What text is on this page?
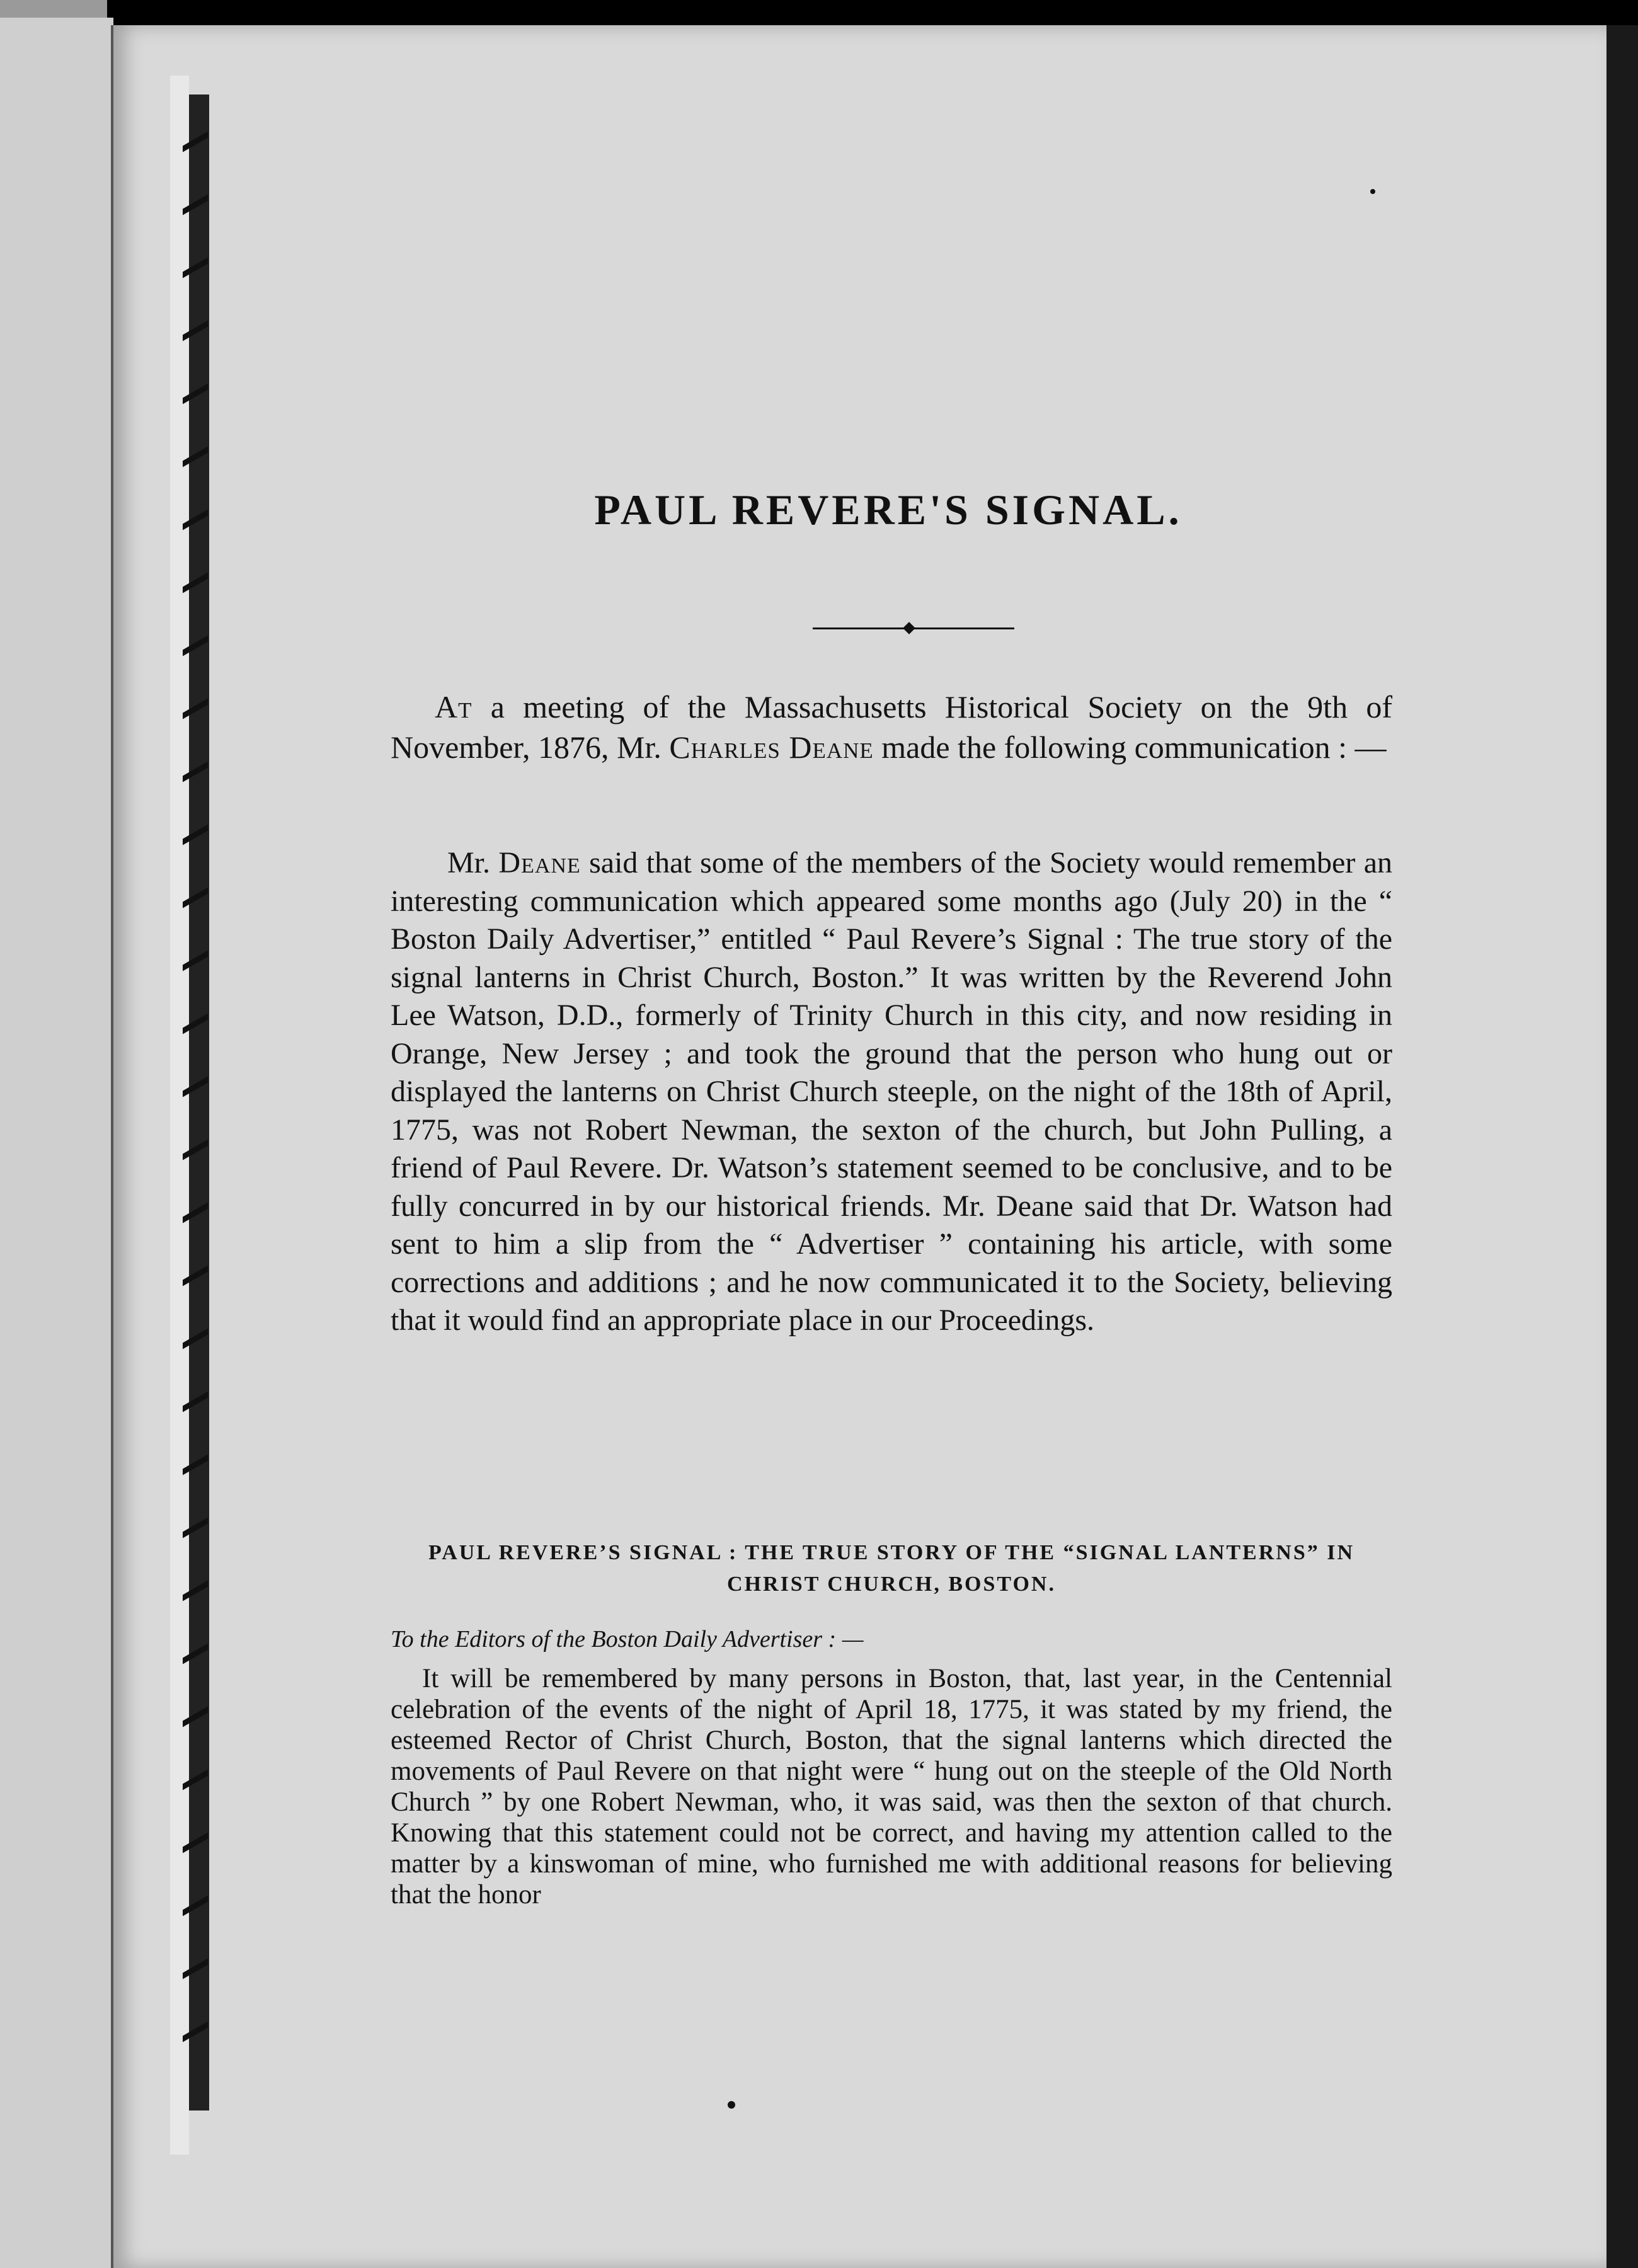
PAUL REVERE'S SIGNAL.

At a meeting of the Massachusetts Historical Society on the 9th of November, 1876, Mr. Charles Deane made the following communication : —

Mr. Deane said that some of the members of the Society would remember an interesting communication which appeared some months ago (July 20) in the “ Boston Daily Advertiser,” entitled “ Paul Revere’s Signal : The true story of the signal lanterns in Christ Church, Boston.” It was written by the Reverend John Lee Watson, D.D., formerly of Trinity Church in this city, and now residing in Orange, New Jersey ; and took the ground that the person who hung out or displayed the lanterns on Christ Church steeple, on the night of the 18th of April, 1775, was not Robert Newman, the sexton of the church, but John Pulling, a friend of Paul Revere. Dr. Watson’s statement seemed to be conclusive, and to be fully concurred in by our historical friends. Mr. Deane said that Dr. Watson had sent to him a slip from the “ Advertiser ” containing his article, with some corrections and additions ; and he now communicated it to the Society, believing that it would find an appropriate place in our Proceedings.

PAUL REVERE’S SIGNAL : THE TRUE STORY OF THE “SIGNAL LANTERNS” IN CHRIST CHURCH, BOSTON.

To the Editors of the Boston Daily Advertiser : —

It will be remembered by many persons in Boston, that, last year, in the Centennial celebration of the events of the night of April 18, 1775, it was stated by my friend, the esteemed Rector of Christ Church, Boston, that the signal lanterns which directed the movements of Paul Revere on that night were “ hung out on the steeple of the Old North Church ” by one Robert Newman, who, it was said, was then the sexton of that church. Knowing that this statement could not be correct, and having my attention called to the matter by a kinswoman of mine, who furnished me with additional reasons for believing that the honor
